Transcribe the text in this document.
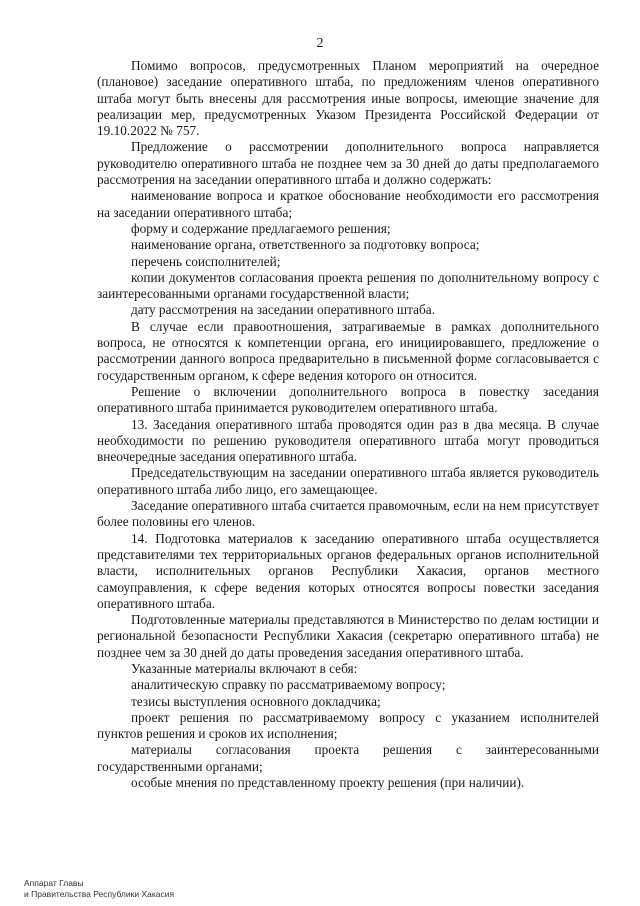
2

Помимо вопросов, предусмотренных Планом мероприятий на очередное (плановое) заседание оперативного штаба, по предложениям членов оперативного штаба могут быть внесены для рассмотрения иные вопросы, имеющие значение для реализации мер, предусмотренных Указом Президента Российской Федерации от 19.10.2022 № 757.

Предложение о рассмотрении дополнительного вопроса направляется руководителю оперативного штаба не позднее чем за 30 дней до даты предполагаемого рассмотрения на заседании оперативного штаба и должно содержать:

наименование вопроса и краткое обоснование необходимости его рассмотрения на заседании оперативного штаба;

форму и содержание предлагаемого решения;

наименование органа, ответственного за подготовку вопроса;

перечень соисполнителей;

копии документов согласования проекта решения по дополнительному вопросу с заинтересованными органами государственной власти;

дату рассмотрения на заседании оперативного штаба.

В случае если правоотношения, затрагиваемые в рамках дополнительного вопроса, не относятся к компетенции органа, его инициировавшего, предложение о рассмотрении данного вопроса предварительно в письменной форме согласовывается с государственным органом, к сфере ведения которого он относится.

Решение о включении дополнительного вопроса в повестку заседания оперативного штаба принимается руководителем оперативного штаба.

13. Заседания оперативного штаба проводятся один раз в два месяца. В случае необходимости по решению руководителя оперативного штаба могут проводиться внеочередные заседания оперативного штаба.

Председательствующим на заседании оперативного штаба является руководитель оперативного штаба либо лицо, его замещающее.

Заседание оперативного штаба считается правомочным, если на нем присутствует более половины его членов.

14. Подготовка материалов к заседанию оперативного штаба осуществляется представителями тех территориальных органов федеральных органов исполнительной власти, исполнительных органов Республики Хакасия, органов местного самоуправления, к сфере ведения которых относятся вопросы повестки заседания оперативного штаба.

Подготовленные материалы представляются в Министерство по делам юстиции и региональной безопасности Республики Хакасия (секретарю оперативного штаба) не позднее чем за 30 дней до даты проведения заседания оперативного штаба.

Указанные материалы включают в себя:

аналитическую справку по рассматриваемому вопросу;

тезисы выступления основного докладчика;

проект решения по рассматриваемому вопросу с указанием исполнителей пунктов решения и сроков их исполнения;

материалы согласования проекта решения с заинтересованными государственными органами;

особые мнения по представленному проекту решения (при наличии).

Аппарат Главы
и Правительства Республики Хакасия
